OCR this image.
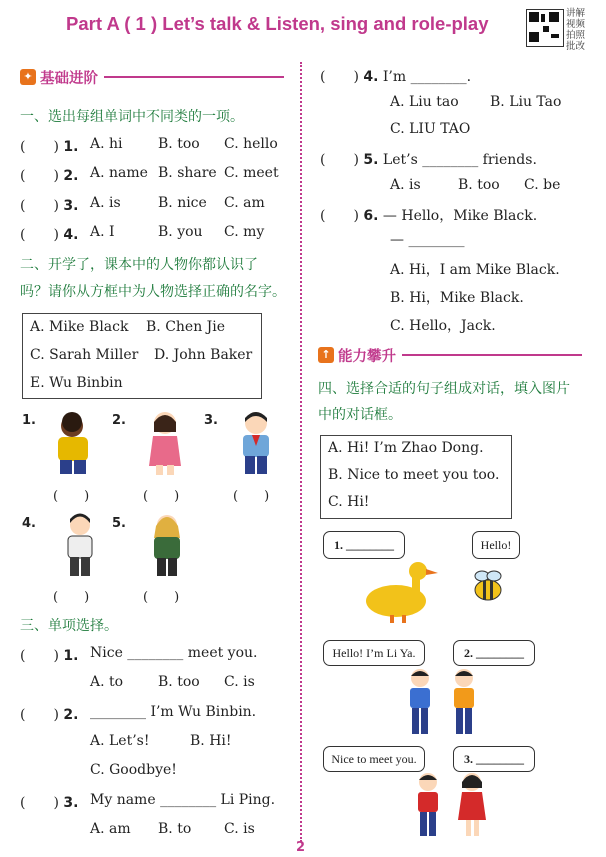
Part A ( 1 ) Let’s talk & Listen, sing and role-play	讲解视频拍照批改
✦ 基础进阶
一、选出每组单词中不同类的一项。
(　　) 1. A. hi	B. too C. hello
(　　) 2. A. name B. share C. meet
(　　) 3. A. is	B. nice C. am
(　　) 4. A. I	B. you C. my
二、开学了，课本中的人物你都认识了
吗？请你从方框中为人物选择正确的名字。
A. Mike Black B. Chen Jie
C. Sarah Miller D. John Baker
E. Wu Binbin
1.	2.	3.
(　　)	(　　)	(　　)
4.	5.
(　　)	(　　)
三、单项选择。
(　　) 1. Nice ________ meet you.
A. to B. too C. is
(　　) 2. ________ I’m Wu Binbin.
A. Let’s!	B. Hi!
C. Goodbye!
(　　) 3. My name ________ Li Ping.
A. am B. to C. is
(　　) 4. I’m ________.
A. Liu tao B. Liu Tao
C. LIU TAO
(　　) 5. Let’s ________ friends.
A. is	B. too C. be
(　　) 6. — Hello，Mike Black.
— ________
A. Hi，I am Mike Black.
B. Hi，Mike Black.
C. Hello，Jack.
↑ 能力攀升
四、选择合适的句子组成对话，填入图片
中的对话框。
A. Hi! I’m Zhao Dong.
B. Nice to meet you too.
C. Hi!
1. ________	Hello!
Hello! I’m Li Ya.	2. ________
Nice to meet you.	3. ________
2
